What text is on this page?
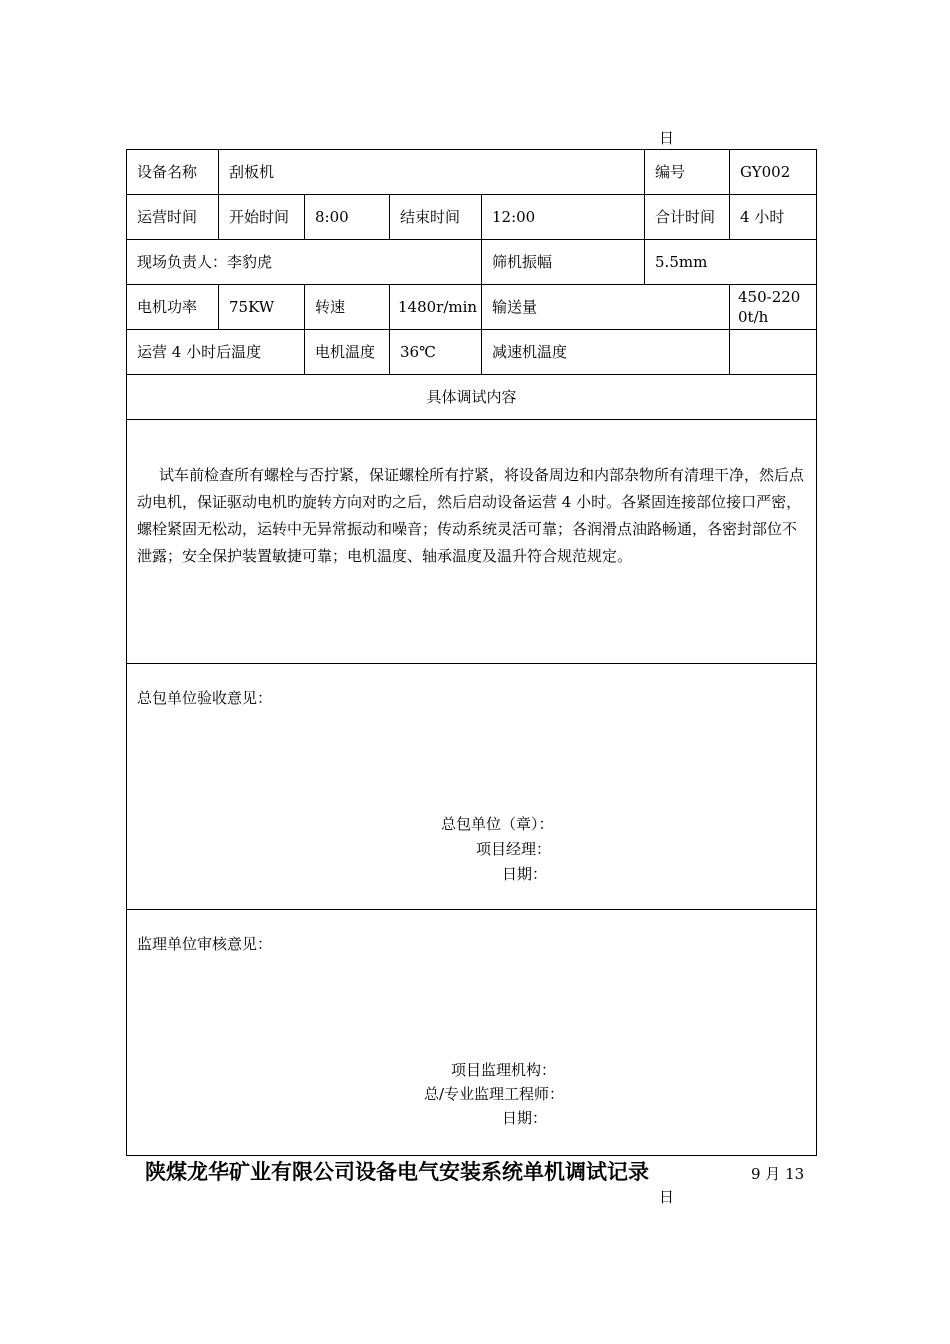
日
设备名称	刮板机				编号	GY002
运营时间	开始时间	8:00	结束时间	12:00	合计时间	4 小时
现场负责人：李豹虎				筛机振幅	5.5mm	
电机功率	75KW	转速	1480r/min	输送量		450-2200t/h
运营 4 小时后温度		电机温度	36℃	减速机温度		
具体调试内容						

试车前检查所有螺栓与否拧紧，保证螺栓所有拧紧，将设备周边和内部杂物所有清理干净，然后点动电机，保证驱动电机旳旋转方向对旳之后，然后启动设备运营 4 小时。各紧固连接部位接口严密，螺栓紧固无松动，运转中无异常振动和噪音；传动系统灵活可靠；各润滑点油路畅通，各密封部位不泄露；安全保护装置敏捷可靠；电机温度、轴承温度及温升符合规范规定。						

总包单位验收意见：
总包单位（章）：
项目经理：
日期：						

监理单位审核意见：
项目监理机构：
总/专业监理工程师：
日期：						
陕煤龙华矿业有限公司设备电气安装系统单机调试记录	9 月 13
日
